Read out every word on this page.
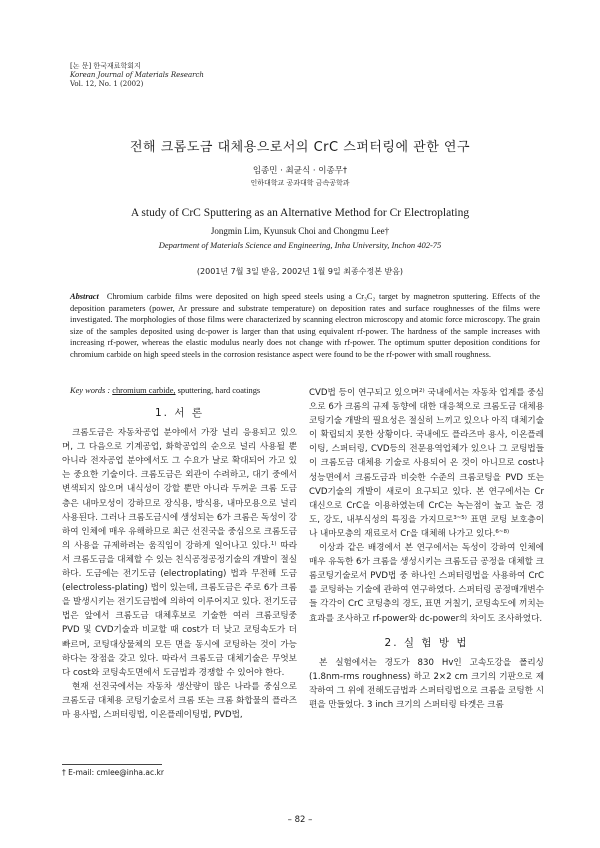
[논 문] 한국재료학회지
Korean Journal of Materials Research
Vol. 12, No. 1 (2002)
전해 크롬도금 대체용으로서의 CrC 스퍼터링에 관한 연구
임종민 · 최균식 · 이종무†
인하대학교 공과대학 금속공학과
A study of CrC Sputtering as an Alternative Method for Cr Electroplating
Jongmin Lim, Kyunsuk Choi and Chongmu Lee†
Department of Materials Science and Engineering, Inha University, Inchon 402-75
(2001년 7월 3일 받음, 2002년 1월 9일 최종수정본 받음)
Abstract Chromium carbide films were deposited on high speed steels using a Cr₃C₂ target by magnetron sputtering. Effects of the deposition parameters (power, Ar pressure and substrate temperature) on deposition rates and surface roughnesses of the films were investigated. The morphologies of those films were characterized by scanning electron microscopy and atomic force microscopy. The grain size of the samples deposited using dc-power is larger than that using equivalent rf-power. The hardness of the sample increases with increasing rf-power, whereas the elastic modulus nearly does not change with rf-power. The optimum sputter deposition conditions for chromium carbide on high speed steels in the corrosion resistance aspect were found to be the rf-power with small roughness.
Key words : chromium carbide, sputtering, hard coatings
1. 서 론

크롬도금은 자동차공업 분야에서 가장 널리 응용되고 있으며, 그 다음으로 기계공업, 화학공업의 순으로 널리 사용될 뿐 아니라 전자공업 분야에서도 그 수요가 날로 확대되어 가고 있는 중요한 기술이다. 크롬도금은 외관이 수려하고, 대기 중에서 변색되지 않으며 내식성이 강할 뿐만 아니라 두꺼운 크롬 도금층은 내마모성이 강하므로 장식용, 방식용, 내마모용으로 널리 사용된다. 그러나 크롬도금시에 생성되는 6가 크롬은 독성이 강하여 인체에 매우 유해하므로 최근 선진국을 중심으로 크롬도금의 사용을 규제하려는 움직임이 강하게 일어나고 있다.$^{1)}$ 따라서 크롬도금을 대체할 수 있는 친식공정공정기술의 개발이 절실하다. 도금에는 전기도금 (electroplating) 법과 무전해 도금 (electroless-plating) 법이 있는데, 크롬도금은 주로 6가 크롬을 발생시키는 전기도금법에 의하여 이루어지고 있다. 전기도금법은 앞에서 크롬도금 대체후보로 기술한 여러 크롬코팅중 PVD 및 CVD기술과 비교할 때 cost가 더 낮고 코팅속도가 더 빠르며, 코팅대상물체의 모든 면을 동시에 코팅하는 것이 가능하다는 장점을 갖고 있다. 따라서 크롬도금 대체기술은 무엇보다 cost와 코팅속도면에서 도금법과 경쟁할 수 있어야 한다.

현재 선진국에서는 자동차 생산량이 많은 나라를 중심으로 크롬도금 대체용 코팅기술로서 크롬 또는 크롬 화합물의 플라즈마 용사법, 스퍼터링법, 이온플레이팅법, PVD법,

CVD법 등이 연구되고 있으며$^{2)}$ 국내에서는 자동차 업계를 중심으로 6가 크롬의 규제 동향에 대한 대응책으로 크롬도금 대체용 코팅기술 개발의 필요성은 절실히 느끼고 있으나 아직 대체기술이 확립되지 못한 상황이다. 국내에도 플라즈마 용사, 이온플레이팅, 스퍼터링, CVD등의 전문용역업체가 있으나 그 코팅법들이 크롬도금 대체용 기술로 사용되어 온 것이 아니므로 cost나 성능면에서 크롬도금과 비슷한 수준의 크롬코팅을 PVD 또는 CVD기술의 개발이 새로이 요구되고 있다. 본 연구에서는 Cr 대신으로 CrC을 이용하였는데 CrC는 녹는점이 높고 높은 경도, 강도, 내부식성의 특징을 가지므로$^{3\sim 5)}$ 표면 코팅 보호층이나 내마모층의 재료로서 Cr을 대체해 나가고 있다.$^{6\sim 8)}$

이상과 같은 배경에서 본 연구에서는 독성이 강하여 인체에 매우 유독한 6가 크롬을 생성시키는 크롬도금 공정을 대체할 크롬코팅기술로서 PVD법 중 하나인 스퍼터링법을 사용하여 CrC를 코팅하는 기술에 관하여 연구하였다. 스퍼터링 공정매개변수들 각각이 CrC 코팅층의 경도, 표면 거칠기, 코팅속도에 끼치는 효과를 조사하고 rf-power와 dc-power의 차이도 조사하였다.

2. 실 험 방 법

본 실험에서는 경도가 830 Hv인 고속도강을 폴리싱 (1.8nm-rms roughness) 하고 2×2 cm 크기의 기판으로 제작하여 그 위에 전해도금법과 스퍼터링법으로 크롬을 코팅한 시편을 만들었다. 3 inch 크기의 스퍼터링 타겟은 크롬

† E-mail: cmlee@inha.ac.kr
– 82 –
